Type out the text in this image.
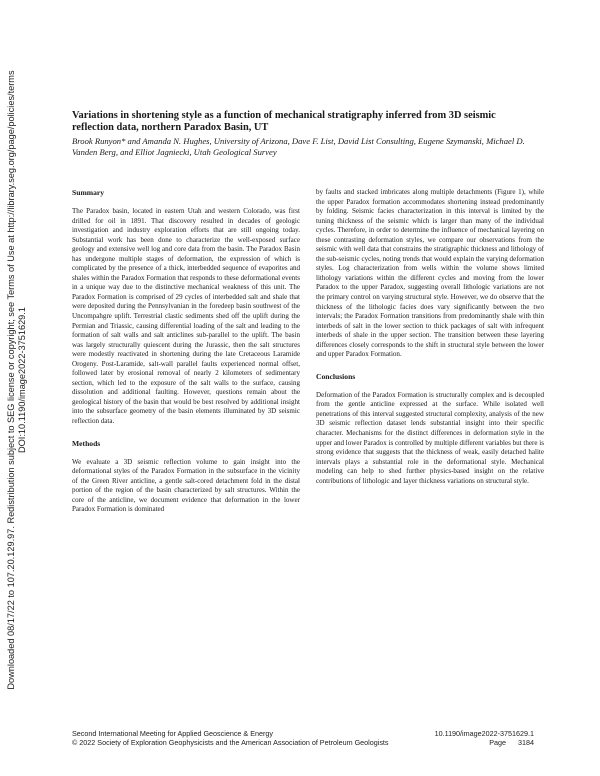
Downloaded 08/17/22 to 107.20.129.97. Redistribution subject to SEG license or copyright; see Terms of Use at http://library.seg.org/page/policies/terms DOI:10.1190/image2022-3751629.1
Variations in shortening style as a function of mechanical stratigraphy inferred from 3D seismic reflection data, northern Paradox Basin, UT

Brook Runyon* and Amanda N. Hughes, University of Arizona, Dave F. List, David List Consulting, Eugene Szymanski, Michael D. Vanden Berg, and Elliot Jagniecki, Utah Geological Survey

Summary

The Paradox basin, located in eastern Utah and western Colorado, was first drilled for oil in 1891. That discovery resulted in decades of geologic investigation and industry exploration efforts that are still ongoing today. Substantial work has been done to characterize the well-exposed surface geology and extensive well log and core data from the basin. The Paradox Basin has undergone multiple stages of deformation, the expression of which is complicated by the presence of a thick, interbedded sequence of evaporites and shales within the Paradox Formation that responds to these deformational events in a unique way due to the distinctive mechanical weakness of this unit. The Paradox Formation is comprised of 29 cycles of interbedded salt and shale that were deposited during the Pennsylvanian in the foredeep basin southwest of the Uncompahgre uplift. Terrestrial clastic sediments shed off the uplift during the Permian and Triassic, causing differential loading of the salt and leading to the formation of salt walls and salt anticlines sub-parallel to the uplift. The basin was largely structurally quiescent during the Jurassic, then the salt structures were modestly reactivated in shortening during the late Cretaceous Laramide Orogeny. Post-Laramide, salt-wall parallel faults experienced normal offset, followed later by erosional removal of nearly 2 kilometers of sedimentary section, which led to the exposure of the salt walls to the surface, causing dissolution and additional faulting. However, questions remain about the geological history of the basin that would be best resolved by additional insight into the subsurface geometry of the basin elements illuminated by 3D seismic reflection data.

Methods

We evaluate a 3D seismic reflection volume to gain insight into the deformational styles of the Paradox Formation in the subsurface in the vicinity of the Green River anticline, a gentle salt-cored detachment fold in the distal portion of the region of the basin characterized by salt structures. Within the core of the anticline, we document evidence that deformation in the lower Paradox Formation is dominated

by faults and stacked imbricates along multiple detachments (Figure 1), while the upper Paradox formation accommodates shortening instead predominantly by folding. Seismic facies characterization in this interval is limited by the tuning thickness of the seismic which is larger than many of the individual cycles. Therefore, in order to determine the influence of mechanical layering on these contrasting deformation styles, we compare our observations from the seismic with well data that constrains the stratigraphic thickness and lithology of the sub-seismic cycles, noting trends that would explain the varying deformation styles. Log characterization from wells within the volume shows limited lithology variations within the different cycles and moving from the lower Paradox to the upper Paradox, suggesting overall lithologic variations are not the primary control on varying structural style. However, we do observe that the thickness of the lithologic facies does vary significantly between the two intervals; the Paradox Formation transitions from predominantly shale with thin interbeds of salt in the lower section to thick packages of salt with infrequent interbeds of shale in the upper section. The transition between these layering differences closely corresponds to the shift in structural style between the lower and upper Paradox Formation.

Conclusions

Deformation of the Paradox Formation is structurally complex and is decoupled from the gentle anticline expressed at the surface. While isolated well penetrations of this interval suggested structural complexity, analysis of the new 3D seismic reflection dataset lends substantial insight into their specific character. Mechanisms for the distinct differences in deformation style in the upper and lower Paradox is controlled by multiple different variables but there is strong evidence that suggests that the thickness of weak, easily detached halite intervals plays a substantial role in the deformational style. Mechanical modeling can help to shed further physics-based insight on the relative contributions of lithologic and layer thickness variations on structural style.

Second International Meeting for Applied Geoscience & Energy	10.1190/image2022-3751629.1
© 2022 Society of Exploration Geophysicists and the American Association of Petroleum Geologists	Page 3184
